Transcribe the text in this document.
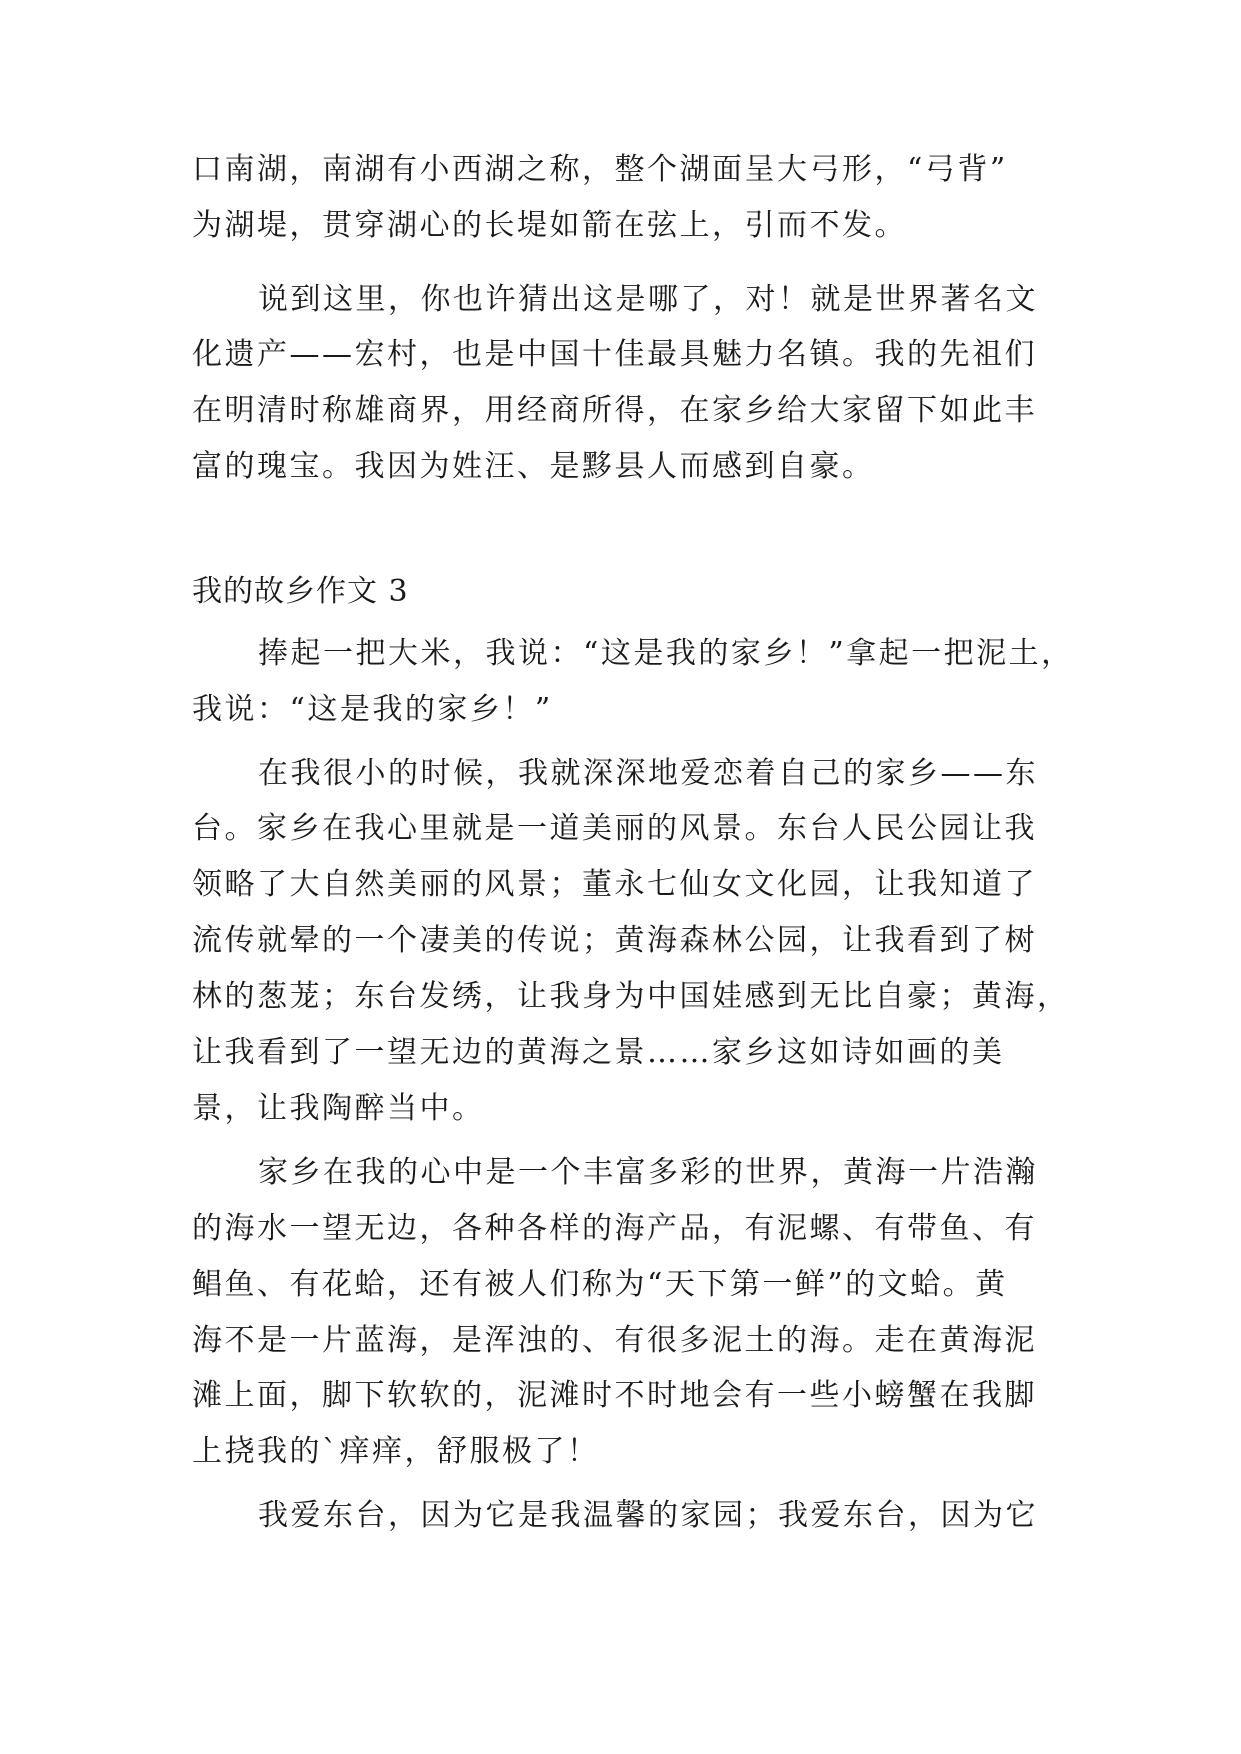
口南湖，南湖有小西湖之称，整个湖面呈大弓形，“弓背”
为湖堤，贯穿湖心的长堤如箭在弦上，引而不发。
说到这里，你也许猜出这是哪了，对！就是世界著名文
化遗产——宏村，也是中国十佳最具魅力名镇。我的先祖们
在明清时称雄商界，用经商所得，在家乡给大家留下如此丰
富的瑰宝。我因为姓汪、是黟县人而感到自豪。
我的故乡作文 3
捧起一把大米，我说：“这是我的家乡！”拿起一把泥土，
我说：“这是我的家乡！”
在我很小的时候，我就深深地爱恋着自己的家乡——东
台。家乡在我心里就是一道美丽的风景。东台人民公园让我
领略了大自然美丽的风景；董永七仙女文化园，让我知道了
流传就晕的一个凄美的传说；黄海森林公园，让我看到了树
林的葱茏；东台发绣，让我身为中国娃感到无比自豪；黄海，
让我看到了一望无边的黄海之景……家乡这如诗如画的美
景，让我陶醉当中。
家乡在我的心中是一个丰富多彩的世界，黄海一片浩瀚
的海水一望无边，各种各样的海产品，有泥螺、有带鱼、有
鲳鱼、有花蛤，还有被人们称为“天下第一鲜”的文蛤。黄
海不是一片蓝海，是浑浊的、有很多泥土的海。走在黄海泥
滩上面，脚下软软的，泥滩时不时地会有一些小螃蟹在我脚
上挠我的`痒痒，舒服极了！
我爱东台，因为它是我温馨的家园；我爱东台，因为它
